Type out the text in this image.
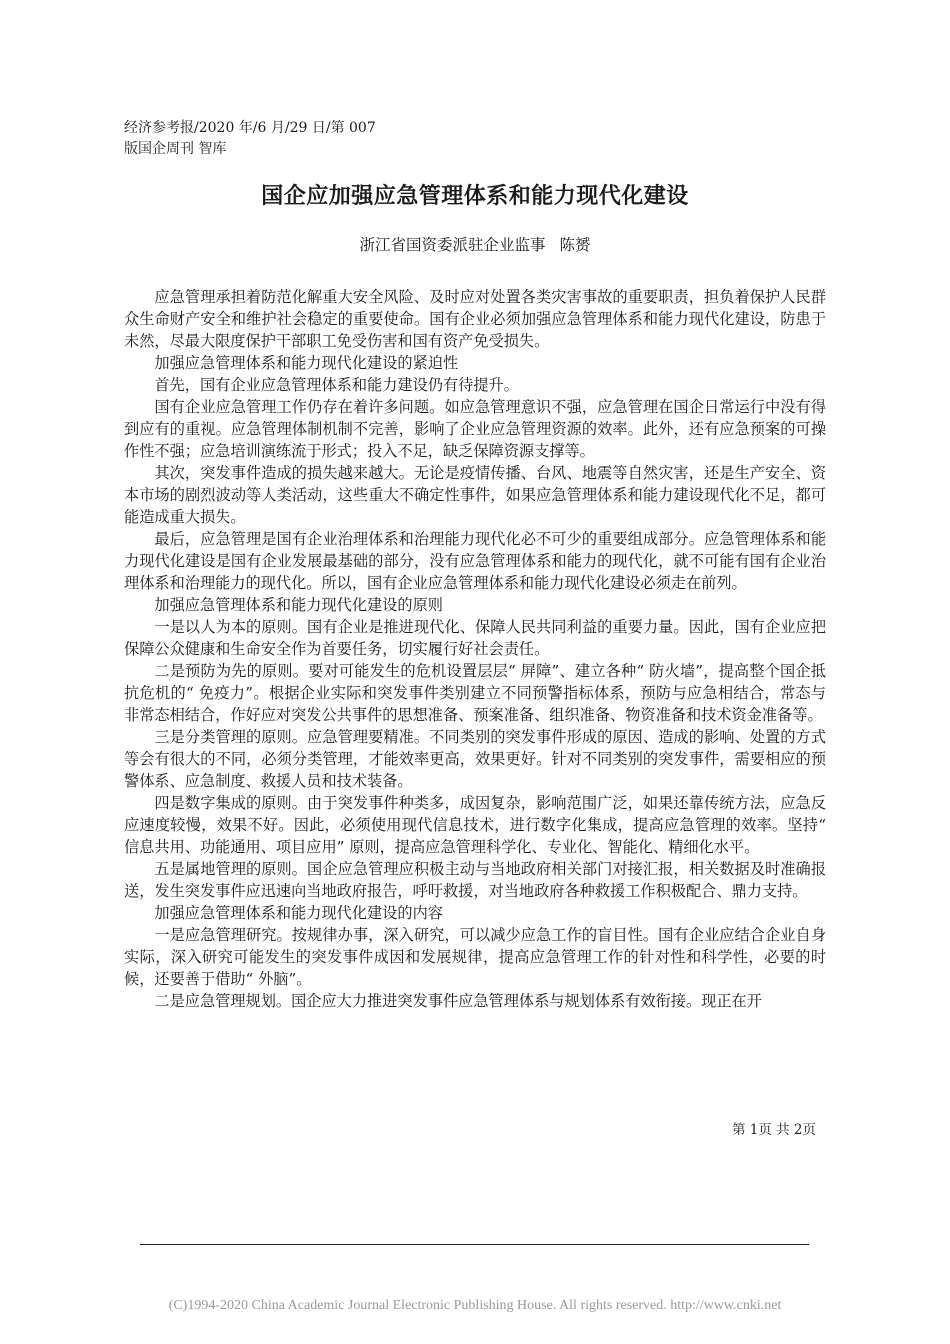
经济参考报/2020 年/6 月/29 日/第 007
版国企周刊 智库
国企应加强应急管理体系和能力现代化建设
浙江省国资委派驻企业监事 陈赟

应急管理承担着防范化解重大安全风险、及时应对处置各类灾害事故的重要职责，担负着保护人民群众生命财产安全和维护社会稳定的重要使命。国有企业必须加强应急管理体系和能力现代化建设，防患于未然，尽最大限度保护干部职工免受伤害和国有资产免受损失。

加强应急管理体系和能力现代化建设的紧迫性

首先，国有企业应急管理体系和能力建设仍有待提升。

国有企业应急管理工作仍存在着许多问题。如应急管理意识不强，应急管理在国企日常运行中没有得到应有的重视。应急管理体制机制不完善，影响了企业应急管理资源的效率。此外，还有应急预案的可操作性不强；应急培训演练流于形式；投入不足，缺乏保障资源支撑等。

其次，突发事件造成的损失越来越大。无论是疫情传播、台风、地震等自然灾害，还是生产安全、资本市场的剧烈波动等人类活动，这些重大不确定性事件，如果应急管理体系和能力建设现代化不足，都可能造成重大损失。

最后，应急管理是国有企业治理体系和治理能力现代化必不可少的重要组成部分。应急管理体系和能力现代化建设是国有企业发展最基础的部分，没有应急管理体系和能力的现代化，就不可能有国有企业治理体系和治理能力的现代化。所以，国有企业应急管理体系和能力现代化建设必须走在前列。

加强应急管理体系和能力现代化建设的原则

一是以人为本的原则。国有企业是推进现代化、保障人民共同利益的重要力量。因此，国有企业应把保障公众健康和生命安全作为首要任务，切实履行好社会责任。

二是预防为先的原则。要对可能发生的危机设置层层“ 屏障”、建立各种“ 防火墙”，提高整个国企抵抗危机的“ 免疫力”。根据企业实际和突发事件类别建立不同预警指标体系，预防与应急相结合，常态与非常态相结合，作好应对突发公共事件的思想准备、预案准备、组织准备、物资准备和技术资金准备等。

三是分类管理的原则。应急管理要精准。不同类别的突发事件形成的原因、造成的影响、处置的方式等会有很大的不同，必须分类管理，才能效率更高，效果更好。针对不同类别的突发事件，需要相应的预警体系、应急制度、救援人员和技术装备。

四是数字集成的原则。由于突发事件种类多，成因复杂，影响范围广泛，如果还靠传统方法，应急反应速度较慢，效果不好。因此，必须使用现代信息技术，进行数字化集成，提高应急管理的效率。坚持“ 信息共用、功能通用、项目应用” 原则，提高应急管理科学化、专业化、智能化、精细化水平。

五是属地管理的原则。国企应急管理应积极主动与当地政府相关部门对接汇报，相关数据及时准确报送，发生突发事件应迅速向当地政府报告，呼吁救援，对当地政府各种救援工作积极配合、鼎力支持。

加强应急管理体系和能力现代化建设的内容

一是应急管理研究。按规律办事，深入研究，可以减少应急工作的盲目性。国有企业应结合企业自身实际，深入研究可能发生的突发事件成因和发展规律，提高应急管理工作的针对性和科学性，必要的时候，还要善于借助“ 外脑”。

二是应急管理规划。国企应大力推进突发事件应急管理体系与规划体系有效衔接。现正在开

第 1页 共 2页
(C)1994-2020 China Academic Journal Electronic Publishing House. All rights reserved. http://www.cnki.net
